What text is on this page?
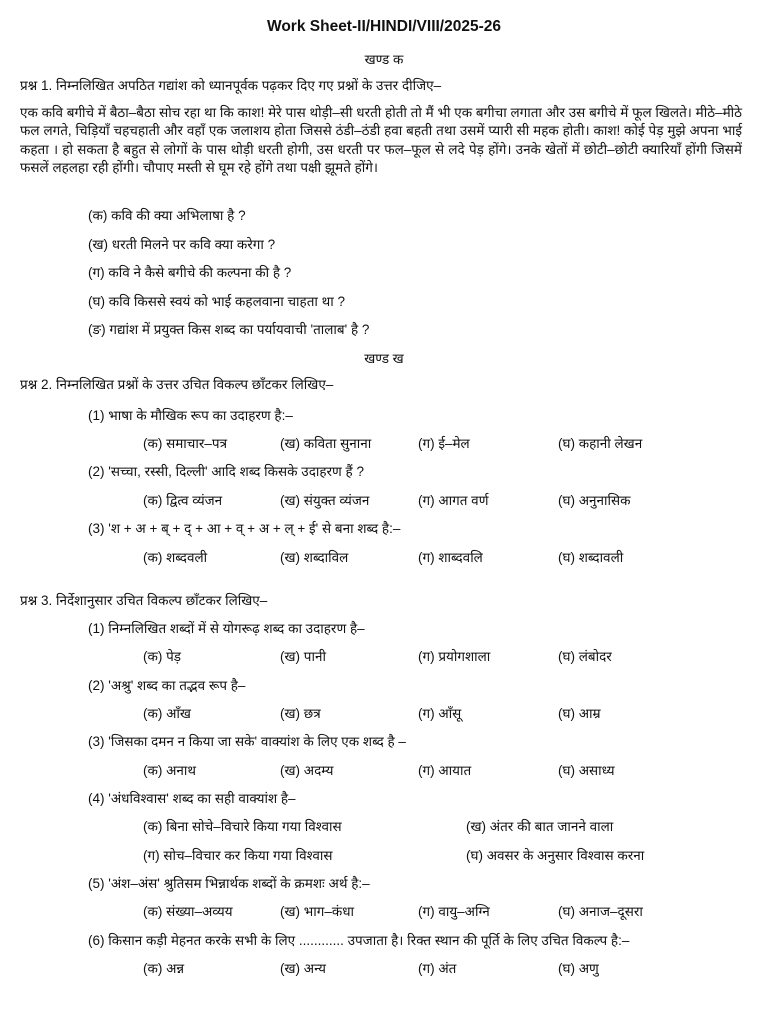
Work Sheet-II/HINDI/VIII/2025-26
खण्ड क
प्रश्न 1. निम्नलिखित अपठित गद्यांश को ध्यानपूर्वक पढ़कर दिए गए प्रश्नों के उत्तर दीजिए–
एक कवि बगीचे में बैठा–बैठा सोच रहा था कि काश! मेरे पास थोड़ी–सी धरती होती तो मैं भी एक बगीचा लगाता और उस बगीचे में फूल खिलते। मीठे–मीठे फल लगते, चिड़ियाँ चहचहाती और वहाँ एक जलाशय होता जिससे ठंडी–ठंडी हवा बहती तथा उसमें प्यारी सी महक होती। काश! कोई पेड़ मुझे अपना भाई कहता । हो सकता है बहुत से लोगों के पास थोड़ी धरती होगी, उस धरती पर फल–फूल से लदे पेड़ होंगे। उनके खेतों में छोटी–छोटी क्यारियाँ होंगी जिसमें फसलें लहलहा रही होंगी। चौपाए मस्ती से घूम रहे होंगे तथा पक्षी झूमते होंगे।
(क) कवि की क्या अभिलाषा है ?
(ख) धरती मिलने पर कवि क्या करेगा ?
(ग) कवि ने कैसे बगीचे की कल्पना की है ?
(घ) कवि किससे स्वयं को भाई कहलवाना चाहता था ?
(ङ) गद्यांश में प्रयुक्त किस शब्द का पर्यायवाची 'तालाब' है ?
खण्ड ख
प्रश्न 2. निम्नलिखित प्रश्नों के उत्तर उचित विकल्प छाँटकर लिखिए–
(1) भाषा के मौखिक रूप का उदाहरण है:–
(क) समाचार–पत्र	(ख) कविता सुनाना	(ग) ई–मेल	(घ) कहानी लेखन
(2) 'सच्चा, रस्सी, दिल्ली' आदि शब्द किसके उदाहरण हैं ?
(क) द्वित्व व्यंजन	(ख) संयुक्त व्यंजन	(ग) आगत वर्ण	(घ) अनुनासिक
(3) 'श + अ + ब् + द् + आ + व् + अ + ल् + ई' से बना शब्द है:–
(क) शब्दवली	(ख) शब्दाविल	(ग) शाब्दवलि	(घ) शब्दावली
प्रश्न 3. निर्देशानुसार उचित विकल्प छाँटकर लिखिए–
(1) निम्नलिखित शब्दों में से योगरूढ़ शब्द का उदाहरण है–
(क) पेड़	(ख) पानी	(ग) प्रयोगशाला	(घ) लंबोदर
(2) 'अश्रु' शब्द का तद्भव रूप है–
(क) आँख	(ख) छत्र	(ग) आँसू	(घ) आम्र
(3) 'जिसका दमन न किया जा सके' वाक्यांश के लिए एक शब्द है –
(क) अनाथ	(ख) अदम्य	(ग) आयात	(घ) असाध्य
(4) 'अंधविश्वास' शब्द का सही वाक्यांश है–
(क) बिना सोचे–विचारे किया गया विश्वास	(ख) अंतर की बात जानने वाला
(ग) सोच–विचार कर किया गया विश्वास	(घ) अवसर के अनुसार विश्वास करना
(5) 'अंश–अंस' श्रुतिसम भिन्नार्थक शब्दों के क्रमशः अर्थ है:–
(क) संख्या–अव्यय	(ख) भाग–कंधा	(ग) वायु–अग्नि	(घ) अनाज–दूसरा
(6) किसान कड़ी मेहनत करके सभी के लिए ............ उपजाता है। रिक्त स्थान की पूर्ति के लिए उचित विकल्प है:–
(क) अन्न	(ख) अन्य	(ग) अंत	(घ) अणु
